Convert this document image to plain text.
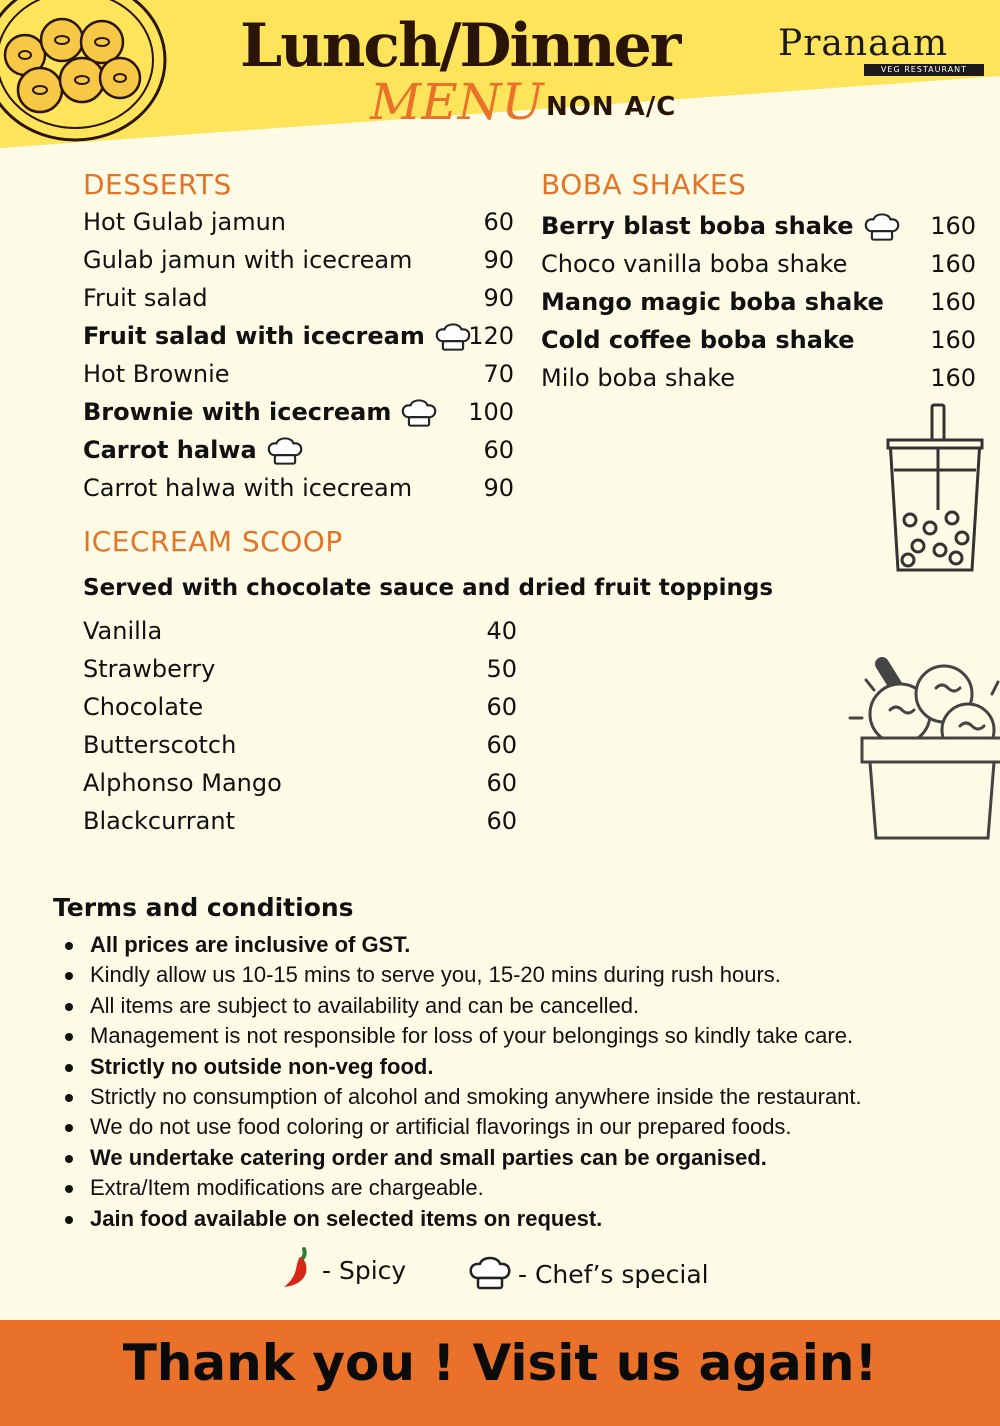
Lunch/Dinner
MENU NON A/C
Pranaam
VEG RESTAURANT
DESSERTS
Hot Gulab jamun	60
Gulab jamun with icecream	90
Fruit salad	90
Fruit salad with icecream	120
Hot Brownie	70
Brownie with icecream	100
Carrot halwa	60
Carrot halwa with icecream	90
BOBA SHAKES
Berry blast boba shake	160
Choco vanilla boba shake	160
Mango magic boba shake	160
Cold coffee boba shake	160
Milo boba shake	160
ICECREAM SCOOP
Served with chocolate sauce and dried fruit toppings
Vanilla	40
Strawberry	50
Chocolate	60
Butterscotch	60
Alphonso Mango	60
Blackcurrant	60
Terms and conditions
All prices are inclusive of GST.
Kindly allow us 10-15 mins to serve you, 15-20 mins during rush hours.
All items are subject to availability and can be cancelled.
Management is not responsible for loss of your belongings so kindly take care.
Strictly no outside non-veg food.
Strictly no consumption of alcohol and smoking anywhere inside the restaurant.
We do not use food coloring or artificial flavorings in our prepared foods.
We undertake catering order and small parties can be organised.
Extra/Item modifications are chargeable.
Jain food available on selected items on request.
- Spicy	- Chef’s special
Thank you ! Visit us again!
